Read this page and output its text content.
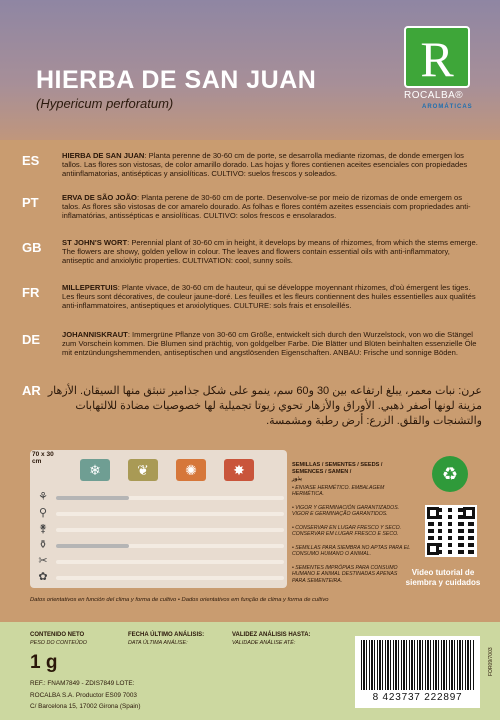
R
ROCALBA®
AROMÁTICAS
HIERBA DE SAN JUAN
(Hypericum perforatum)
ES	HIERBA DE SAN JUAN: Planta perenne de 30-60 cm de porte, se desarrolla mediante rizomas, de donde emergen los tallos. Las flores son vistosas, de color amarillo dorado. Las hojas y flores contienen aceites esenciales con propiedades antiinflamatorias, antisépticas y ansiolíticas. CULTIVO: suelos frescos y soleados.
PT	ERVA DE SÃO JOÃO: Planta perene de 30-60 cm de porte. Desenvolve-se por meio de rizomas de onde emergem os talos. As flores são vistosas de cor amarelo dourado. As folhas e flores contém azeites essenciais com propriedades anti-inflamatórias, antissépticas e ansiolíticas. CULTIVO: solos frescos e ensolarados.
GB	ST JOHN'S WORT: Perennial plant of 30-60 cm in height, it develops by means of rhizomes, from which the stems emerge. The flowers are showy, golden yellow in colour. The leaves and flowers contain essential oils with anti-inflammatory, antiseptic and anxiolytic properties. CULTIVATION: cool, sunny soils.
FR	MILLEPERTUIS: Plante vivace, de 30-60 cm de hauteur, qui se développe moyennant rhizomes, d'où émergent les tiges. Les fleurs sont décoratives, de couleur jaune-doré. Les feuilles et les fleurs contiennent des huiles essentielles aux qualités anti-inflammatoires, antiseptiques et anxiolytiques. CULTURE: sols frais et ensoleillés.
DE	JOHANNISKRAUT: Immergrüne Pflanze von 30-60 cm Größe, entwickelt sich durch den Wurzelstock, von wo die Stängel zum Vorschein kommen. Die Blumen sind prächtig, von goldgelber Farbe. Die Blätter und Blüten beinhalten essenzielle Öle mit entzündungshemmenden, antiseptischen und angstlösenden Eigenschaften. ANBAU: Frische und sonnige Böden.
AR عرن: نبات معمر، يبلغ ارتفاعه بين 30 و60 سم، ينمو على شكل جذامير تنبثق منها السيقان. الأزهار مزينة لونها أصفر ذهبي. الأوراق والأزهار تحوي زيوتا تجميلية لها خصوصيات مضادة للالتهابات والتشنجات والقلق. الزرع: أرض رطبة ومشمسة.
70 x 30
cm
❄	❦	✺	✸
⚘
⚲
⚵
⚱
✂
✿
SEMILLAS / SEMENTES / SEEDS /
SEMENCES / SAMEN /
بذور
• ENVASE HERMÉTICO. EMBALAGEM HERMÉTICA.
• VIGOR Y GERMINACIÓN GARANTIZADOS. VIGOR E GERMINAÇÃO GARANTIDOS.
• CONSERVAR EN LUGAR FRESCO Y SECO. CONSERVAR EM LUGAR FRESCO E SECO.
• SEMILLAS PARA SIEMBRA NO APTAS PARA EL CONSUMO HUMANO O ANIMAL.
• SEMENTES IMPRÓPIAS PARA CONSUMO HUMANO E ANIMAL DESTINADAS APENAS PARA SEMENTEIRA.
♻
Video tutorial de
siembra y cuidados
Datos orientativos en función del clima y forma de cultivo • Dados orientativos em função de clima y forma de cultivo
CONTENIDO NETO
PESO DO CONTEÚDO
1 g
FECHA ÚLTIMO ANÁLISIS:
DATA ÚLTIMA ANÁLISE:
VALIDEZ ANÁLISIS HASTA:
VALIDADE ANÁLISE ATÉ:
REF.: FNAM7849 - ZDIS7849 LOTE:
ROCALBA S.A. Productor ES09 7003
C/ Barcelona 15, 17002 Girona (Spain)
8 423737 222897
FOR09/7003
